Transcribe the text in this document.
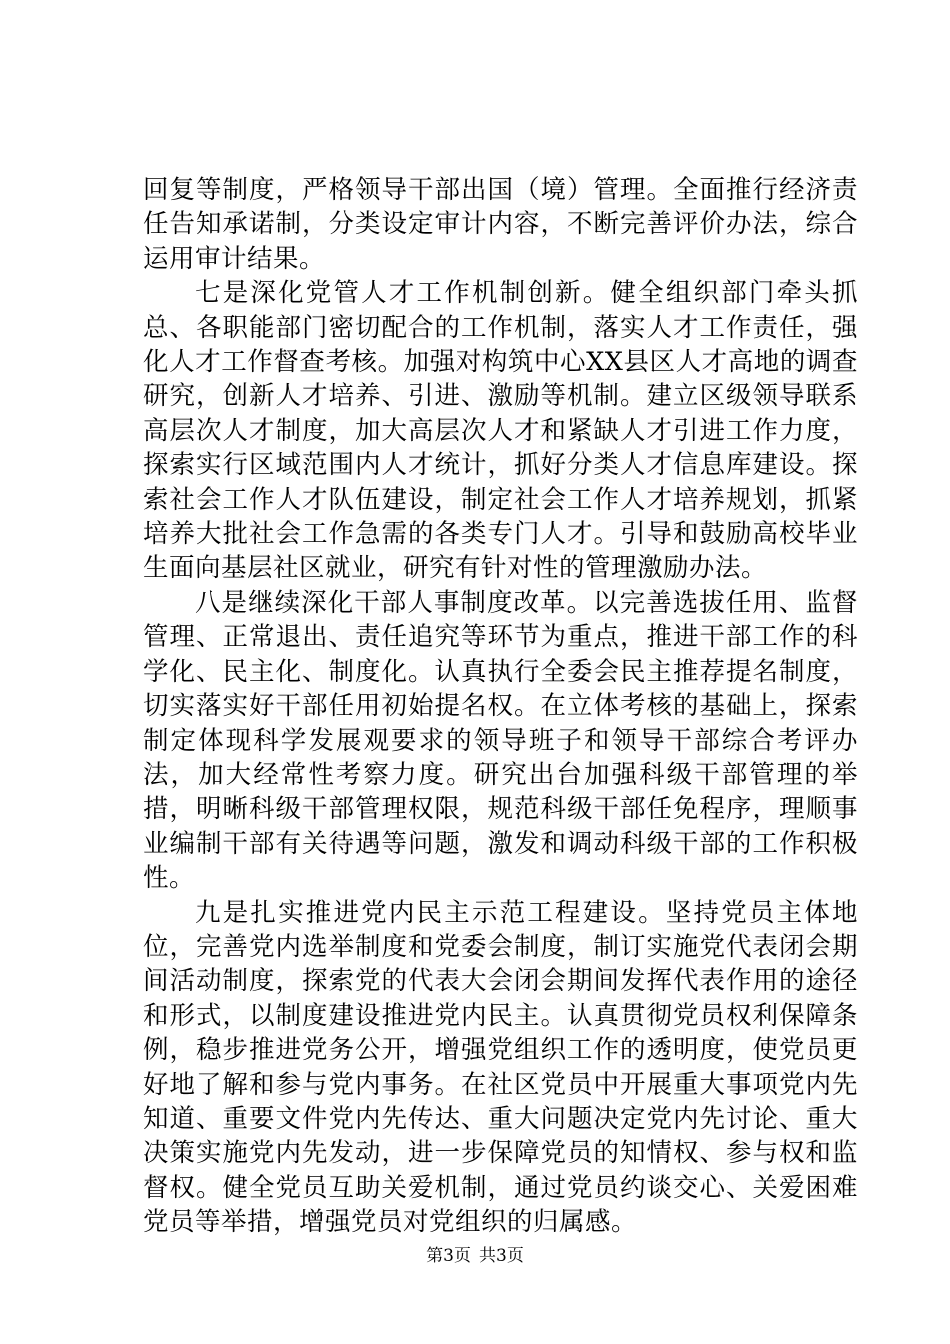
回复等制度，严格领导干部出国（境）管理。全面推行经济责任告知承诺制，分类设定审计内容，不断完善评价办法，综合运用审计结果。

七是深化党管人才工作机制创新。健全组织部门牵头抓总、各职能部门密切配合的工作机制，落实人才工作责任，强化人才工作督查考核。加强对构筑中心XX县区人才高地的调查研究，创新人才培养、引进、激励等机制。建立区级领导联系高层次人才制度，加大高层次人才和紧缺人才引进工作力度，探索实行区域范围内人才统计，抓好分类人才信息库建设。探索社会工作人才队伍建设，制定社会工作人才培养规划，抓紧培养大批社会工作急需的各类专门人才。引导和鼓励高校毕业生面向基层社区就业，研究有针对性的管理激励办法。

八是继续深化干部人事制度改革。以完善选拔任用、监督管理、正常退出、责任追究等环节为重点，推进干部工作的科学化、民主化、制度化。认真执行全委会民主推荐提名制度，切实落实好干部任用初始提名权。在立体考核的基础上，探索制定体现科学发展观要求的领导班子和领导干部综合考评办法，加大经常性考察力度。研究出台加强科级干部管理的举措，明晰科级干部管理权限，规范科级干部任免程序，理顺事业编制干部有关待遇等问题，激发和调动科级干部的工作积极性。

九是扎实推进党内民主示范工程建设。坚持党员主体地位，完善党内选举制度和党委会制度，制订实施党代表闭会期间活动制度，探索党的代表大会闭会期间发挥代表作用的途径和形式，以制度建设推进党内民主。认真贯彻党员权利保障条例，稳步推进党务公开，增强党组织工作的透明度，使党员更好地了解和参与党内事务。在社区党员中开展重大事项党内先知道、重要文件党内先传达、重大问题决定党内先讨论、重大决策实施党内先发动，进一步保障党员的知情权、参与权和监督权。健全党员互助关爱机制，通过党员约谈交心、关爱困难党员等举措，增强党员对党组织的归属感。

第3页 共3页
